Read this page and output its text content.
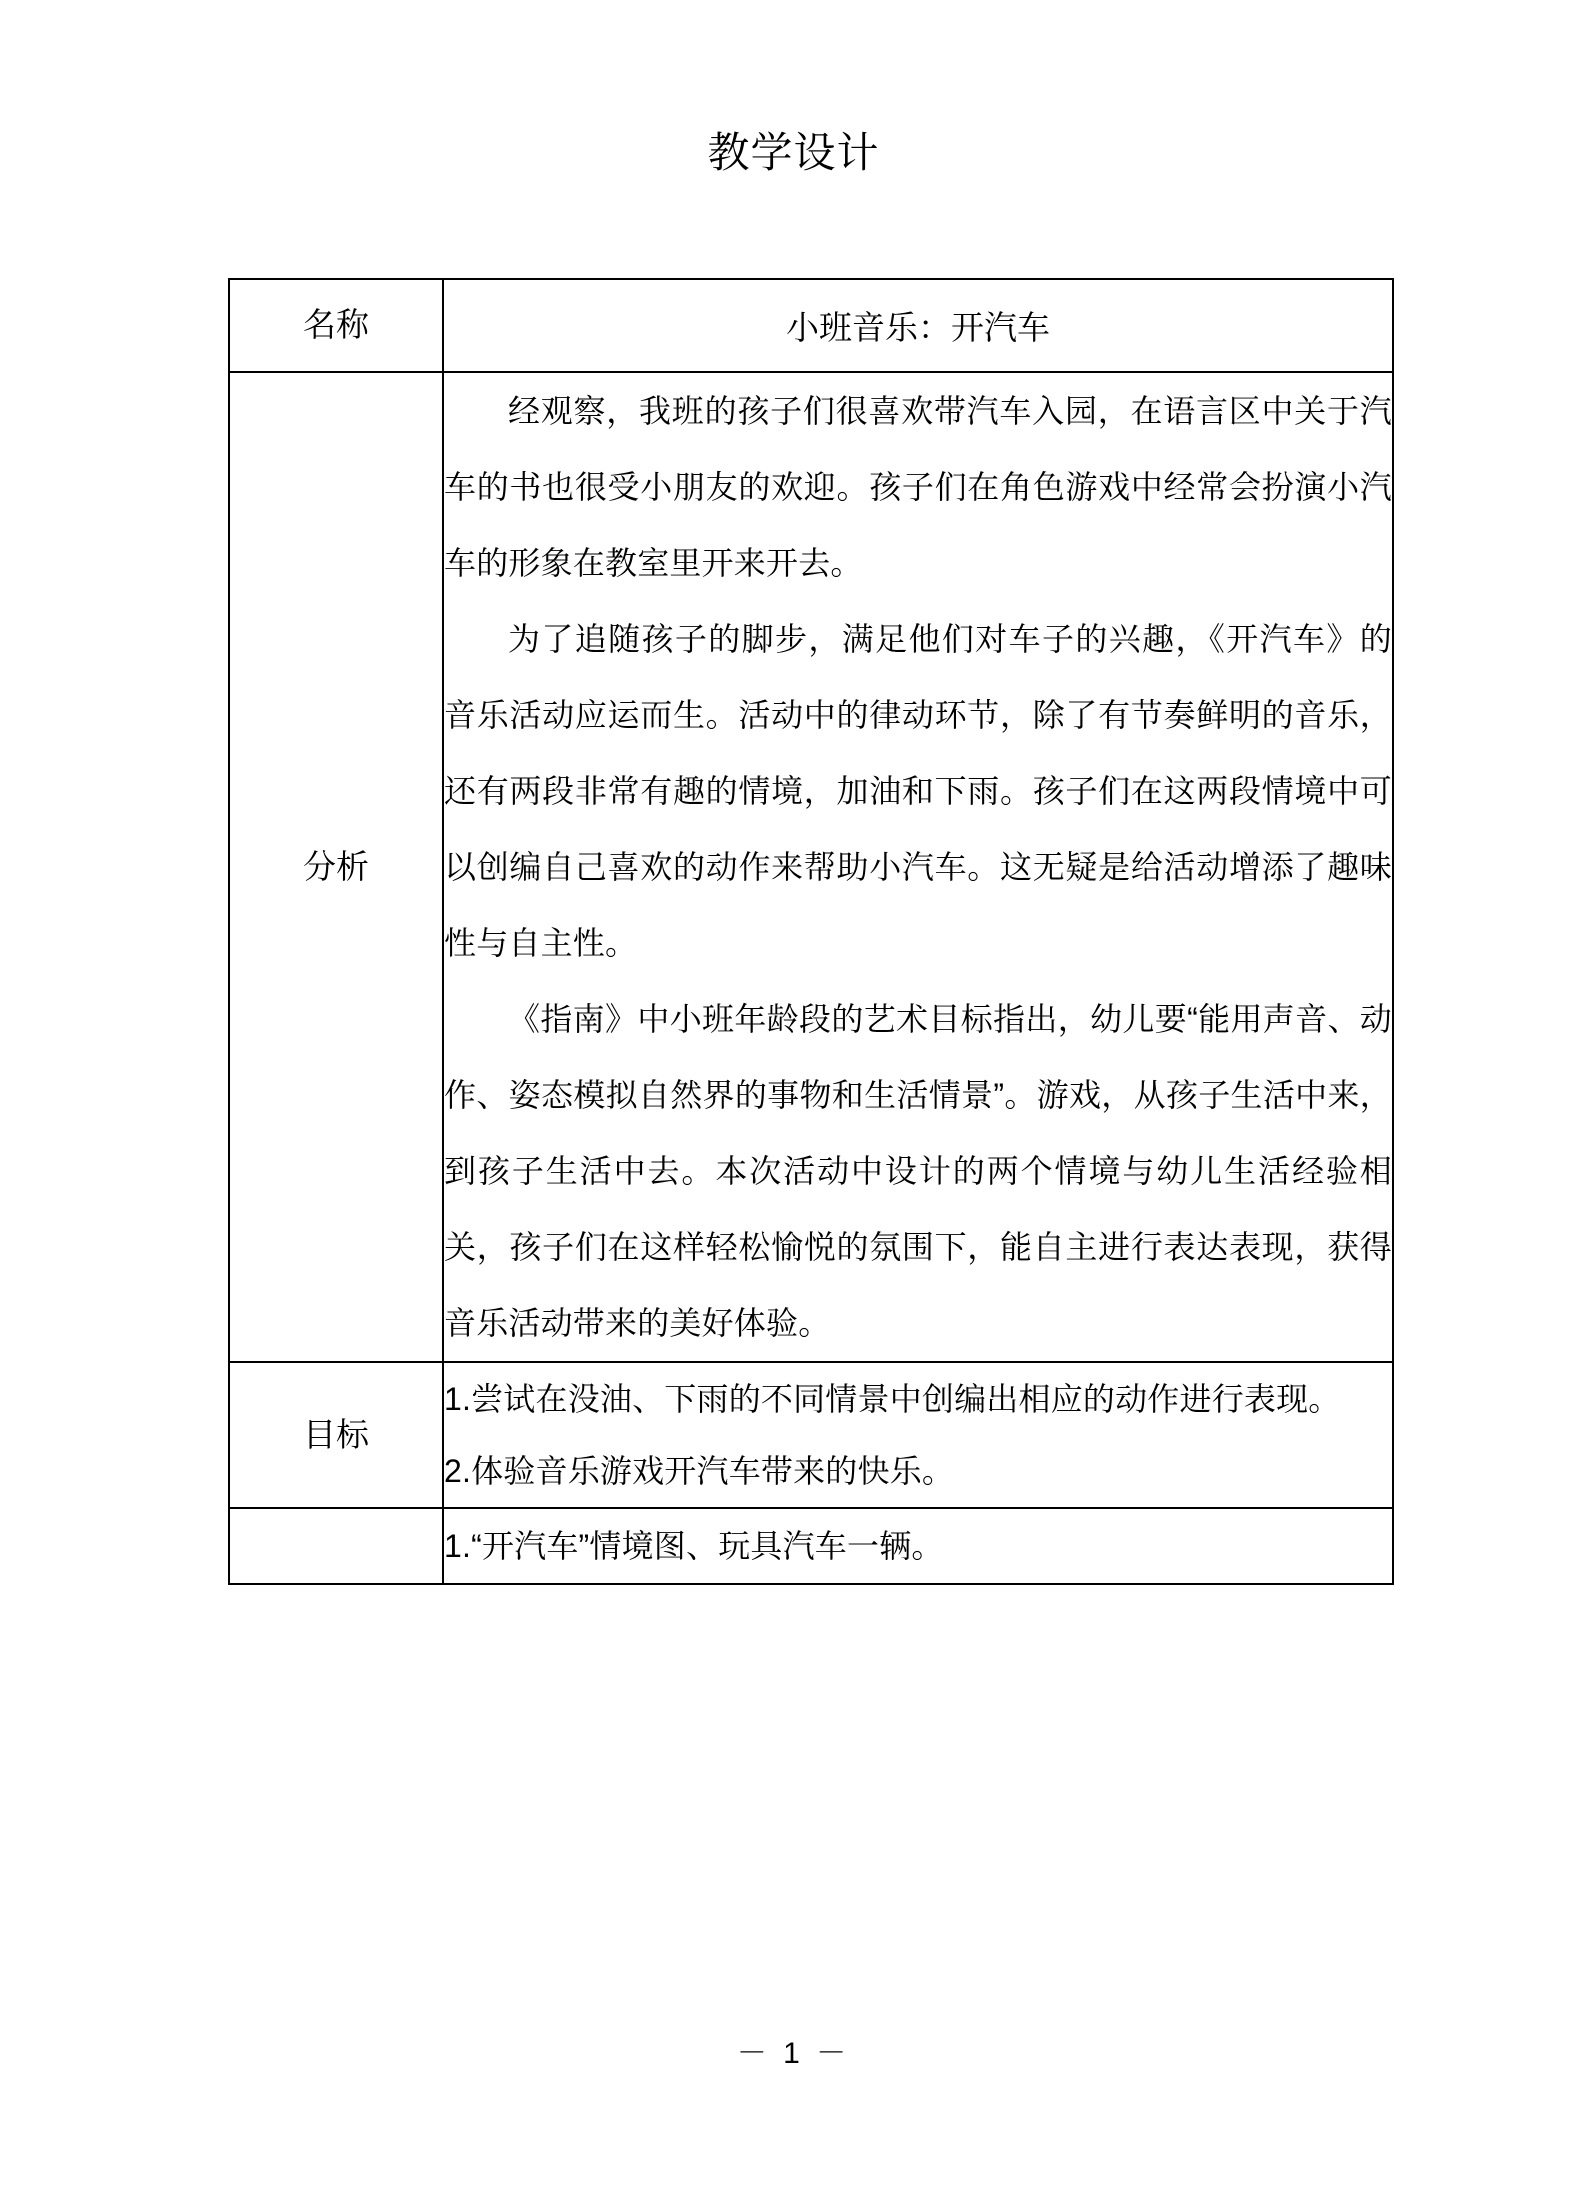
教学设计
名称	小班音乐：开汽车
分析	经观察，我班的孩子们很喜欢带汽车入园，在语言区中关于汽车的书也很受小朋友的欢迎。孩子们在角色游戏中经常会扮演小汽车的形象在教室里开来开去。

为了追随孩子的脚步，满足他们对车子的兴趣，《开汽车》的音乐活动应运而生。活动中的律动环节，除了有节奏鲜明的音乐，还有两段非常有趣的情境，加油和下雨。孩子们在这两段情境中可以创编自己喜欢的动作来帮助小汽车。这无疑是给活动增添了趣味性与自主性。

《指南》中小班年龄段的艺术目标指出，幼儿要“能用声音、动作、姿态模拟自然界的事物和生活情景”。游戏，从孩子生活中来，到孩子生活中去。本次活动中设计的两个情境与幼儿生活经验相关，孩子们在这样轻松愉悦的氛围下，能自主进行表达表现，获得音乐活动带来的美好体验。

目标	1.尝试在没油、下雨的不同情景中创编出相应的动作进行表现。

2.体验音乐游戏开汽车带来的快乐。

	1.“开汽车”情境图、玩具汽车一辆。

－ 1 －
